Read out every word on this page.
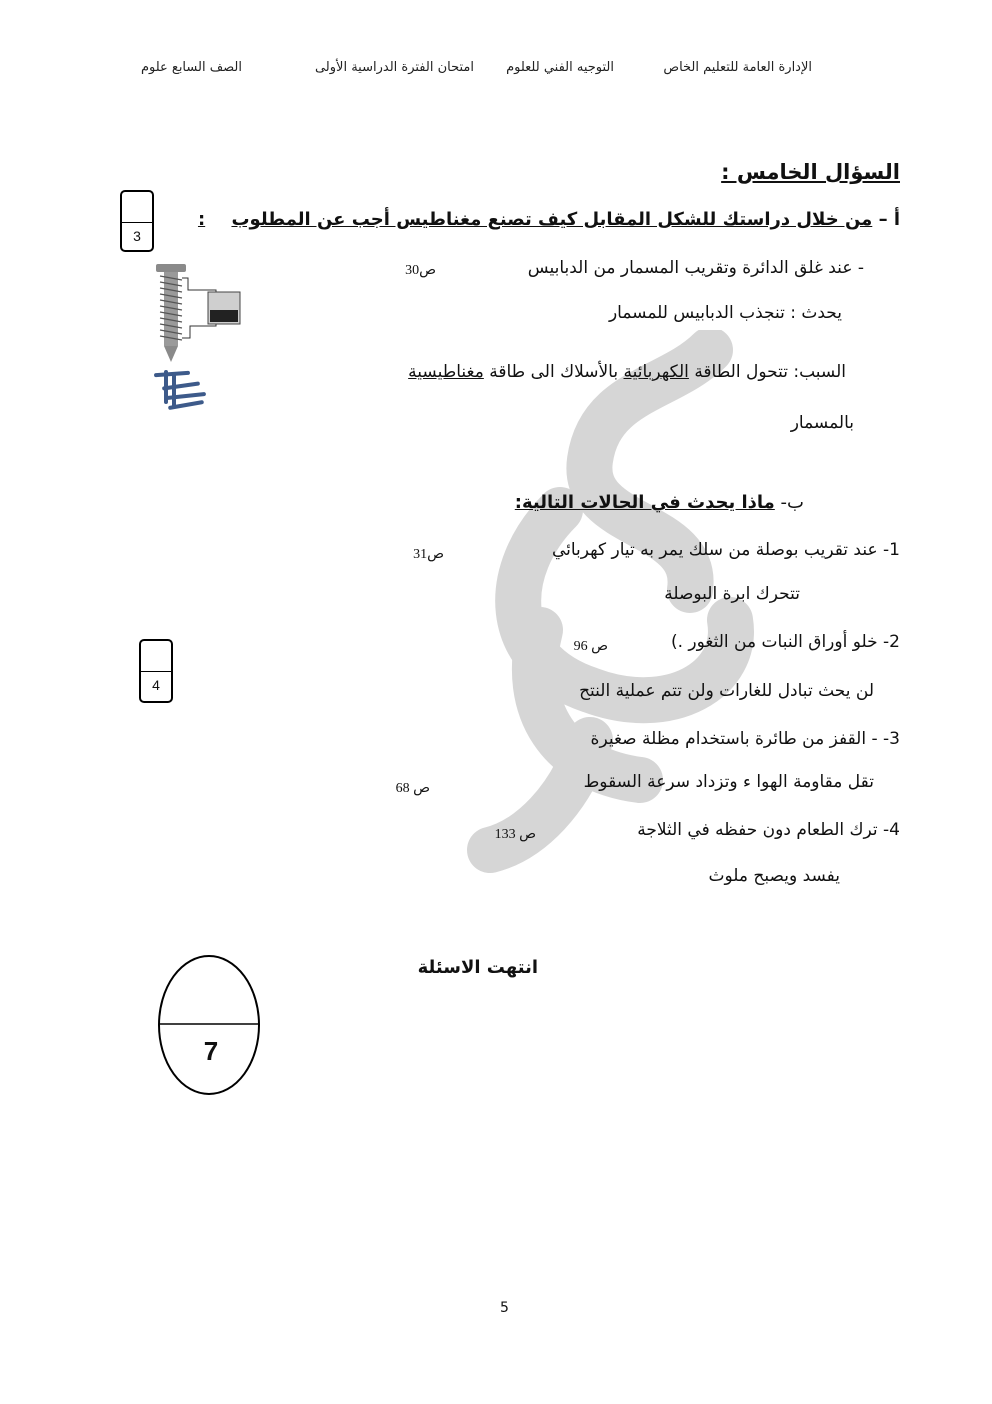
الإدارة العامة للتعليم الخاص
التوجيه الفني للعلوم
امتحان الفترة الدراسية الأولى
الصف السابع علوم
السؤال الخامس :
أ – من خلال دراستك للشكل المقابل كيف تصنع مغناطيس أجب عن المطلوب :
3
- عند غلق الدائرة وتقريب المسمار من الدبابيس
ص30
يحدث : تنجذب الدبابيس للمسمار
السبب: تتحول الطاقة الكهربائية بالأسلاك الى طاقة مغناطيسية
بالمسمار
ب- ماذا يحدث في الحالات التالية:
4
1- عند تقريب بوصلة من سلك يمر به تيار كهربائي
ص31
تتحرك ابرة البوصلة
2- خلو أوراق النبات من الثغور .)
ص 96
لن يحث تبادل للغارات ولن تتم عملية النتح
3- - القفز من طائرة باستخدام مظلة صغيرة
تقل مقاومة الهوا ء وتزداد سرعة السقوط
ص 68
4- ترك الطعام دون حفظه في الثلاجة
ص 133
يفسد ويصبح ملوث
انتهت الاسئلة
7
5
